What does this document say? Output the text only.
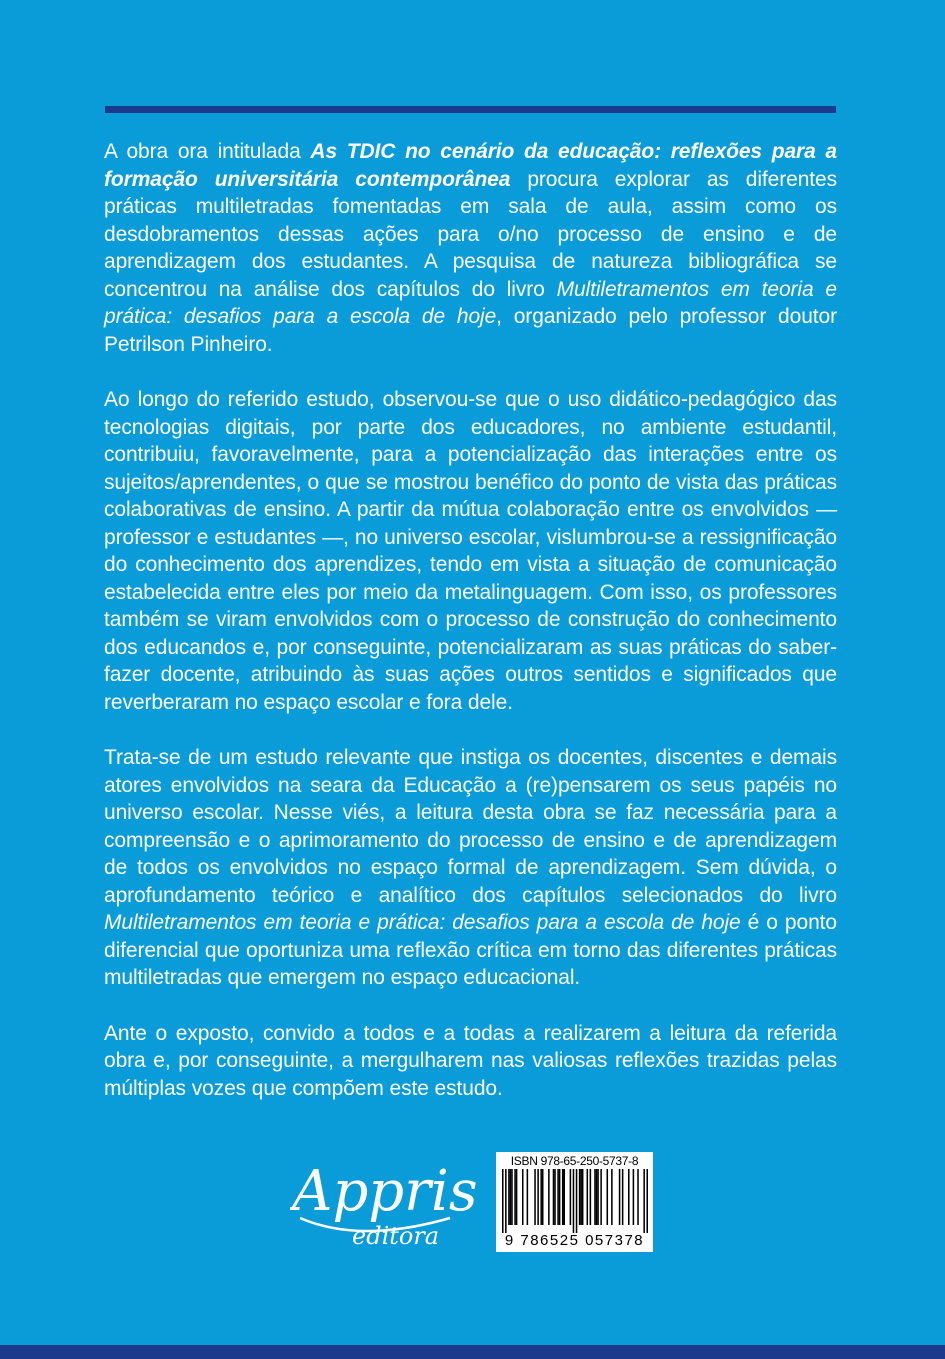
A obra ora intitulada As TDIC no cenário da educação: reflexões para a formação universitária contemporânea procura explorar as diferentes práticas multiletradas fomentadas em sala de aula, assim como os desdobramentos dessas ações para o/no processo de ensino e de aprendizagem dos estudantes. A pesquisa de natureza bibliográfica se concentrou na análise dos capítulos do livro Multiletramentos em teoria e prática: desafios para a escola de hoje, organizado pelo professor doutor Petrilson Pinheiro.

Ao longo do referido estudo, observou-se que o uso didático-pedagógico das tecnologias digitais, por parte dos educadores, no ambiente estudantil, contribuiu, favoravelmente, para a potencialização das interações entre os sujeitos/aprendentes, o que se mostrou benéfico do ponto de vista das práticas colaborativas de ensino. A partir da mútua colaboração entre os envolvidos — professor e estudantes —, no universo escolar, vislumbrou-se a ressignificação do conhecimento dos aprendizes, tendo em vista a situação de comunicação estabelecida entre eles por meio da metalinguagem. Com isso, os professores também se viram envolvidos com o processo de construção do conhecimento dos educandos e, por conseguinte, potencializaram as suas práticas do saber-fazer docente, atribuindo às suas ações outros sentidos e significados que reverberaram no espaço escolar e fora dele.

Trata-se de um estudo relevante que instiga os docentes, discentes e demais atores envolvidos na seara da Educação a (re)pensarem os seus papéis no universo escolar. Nesse viés, a leitura desta obra se faz necessária para a compreensão e o aprimoramento do processo de ensino e de aprendizagem de todos os envolvidos no espaço formal de aprendizagem. Sem dúvida, o aprofundamento teórico e analítico dos capítulos selecionados do livro Multiletramentos em teoria e prática: desafios para a escola de hoje é o ponto diferencial que oportuniza uma reflexão crítica em torno das diferentes práticas multiletradas que emergem no espaço educacional.

Ante o exposto, convido a todos e a todas a realizarem a leitura da referida obra e, por conseguinte, a mergulharem nas valiosas reflexões trazidas pelas múltiplas vozes que compõem este estudo.

Appris
editora
ISBN 978-65-250-5737-8
9 786525 057378
